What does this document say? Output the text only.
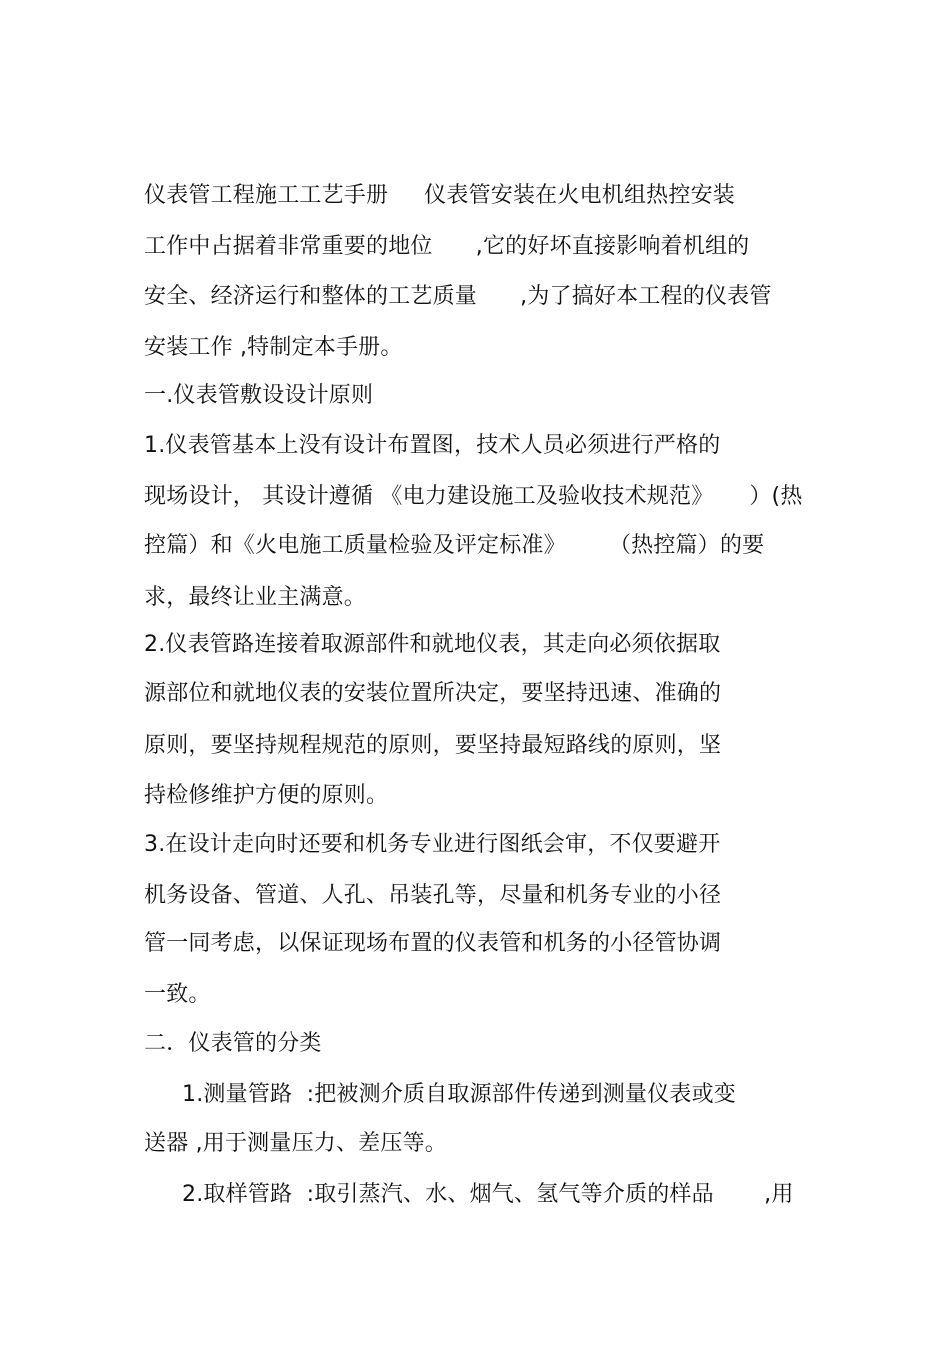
仪表管工程施工工艺手册     仪表管安装在火电机组热控安装
工作中占据着非常重要的地位      ,它的好坏直接影响着机组的
安全、经济运行和整体的工艺质量      ,为了搞好本工程的仪表管
安装工作 ,特制定本手册。
一.仪表管敷设设计原则
1.仪表管基本上没有设计布置图，技术人员必须进行严格的
现场设计， 其设计遵循 《电力建设施工及验收技术规范》     ）(热
控篇）和《火电施工质量检验及评定标准》      （热控篇）的要
求，最终让业主满意。
2.仪表管路连接着取源部件和就地仪表，其走向必须依据取
源部位和就地仪表的安装位置所决定，要坚持迅速、准确的
原则，要坚持规程规范的原则，要坚持最短路线的原则，坚
持检修维护方便的原则。
3.在设计走向时还要和机务专业进行图纸会审，不仅要避开
机务设备、管道、人孔、吊装孔等，尽量和机务专业的小径
管一同考虑，以保证现场布置的仪表管和机务的小径管协调
一致。
二．仪表管的分类
1.测量管路  :把被测介质自取源部件传递到测量仪表或变
送器 ,用于测量压力、差压等。
2.取样管路  :取引蒸汽、水、烟气、氢气等介质的样品       ,用
